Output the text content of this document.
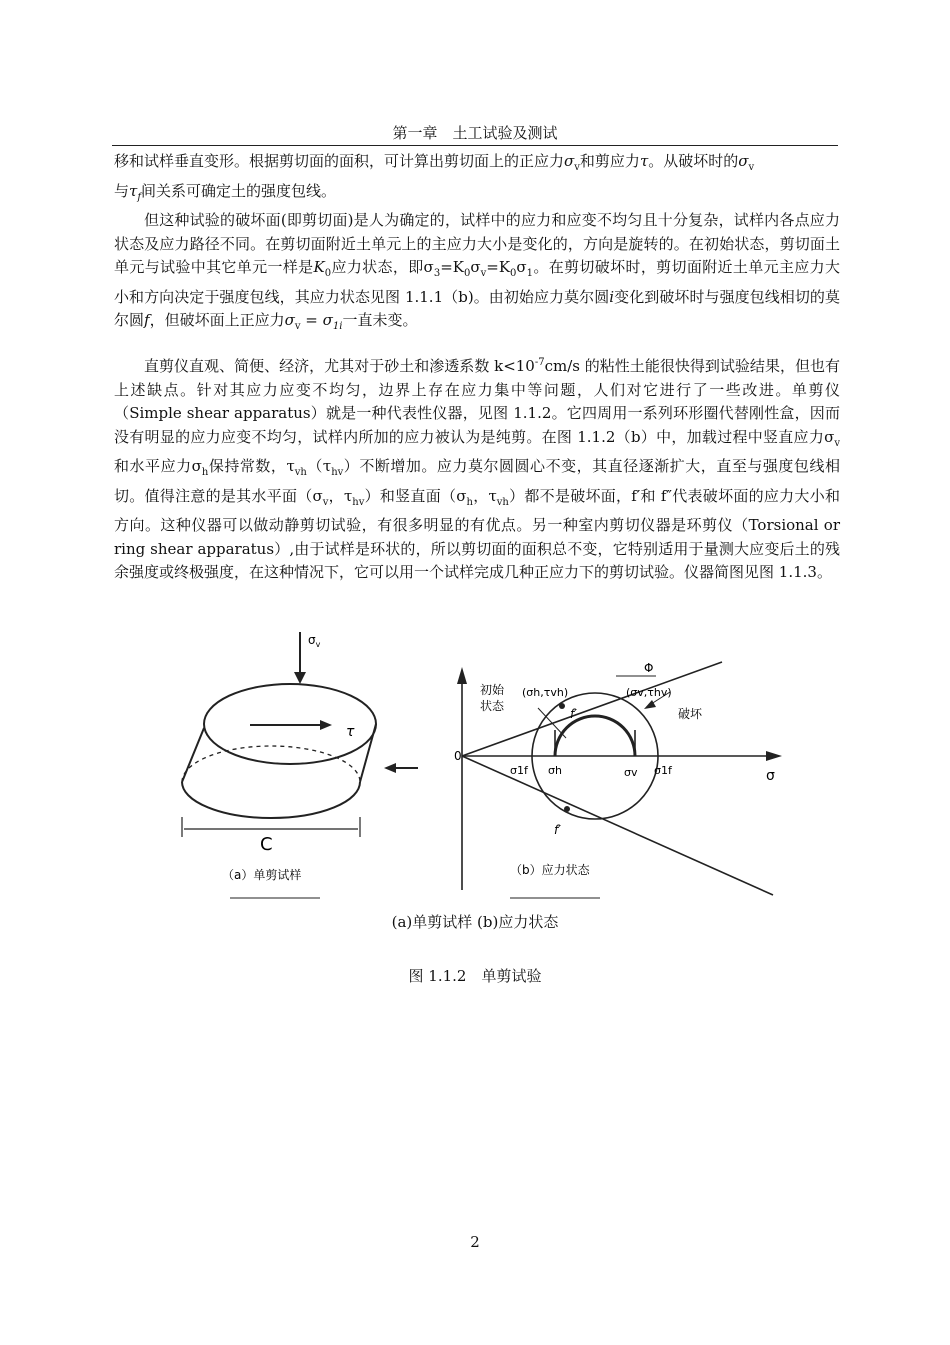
第一章　土工试验及测试

移和试样垂直变形。根据剪切面的面积，可计算出剪切面上的正应力$\sigma_v$和剪应力τ。从破坏时的$\sigma_v$
与$\tau_f$间关系可确定土的强度包线。

但这种试验的破坏面(即剪切面)是人为确定的，试样中的应力和应变不均匀且十分复杂，试样内各点应力状态及应力路径不同。在剪切面附近土单元上的主应力大小是变化的，方向是旋转的。在初始状态，剪切面土单元与试验中其它单元一样是$K_0$应力状态，即$\sigma_3=K_0\sigma_v=K_0\sigma_1$。在剪切破坏时，剪切面附近土单元主应力大小和方向决定于强度包线，其应力状态见图 1.1.1（b)。由初始应力莫尔圆i变化到破坏时与强度包线相切的莫尔圆f，但破坏面上正应力$\sigma_v = \sigma_{1i}$一直未变。

直剪仪直观、简便、经济，尤其对于砂土和渗透系数 $k<10^{-7}cm/s$ 的粘性土能很快得到试验结果，但也有上述缺点。针对其应力应变不均匀，边界上存在应力集中等问题，人们对它进行了一些改进。单剪仪（Simple shear apparatus）就是一种代表性仪器，见图 1.1.2。它四周用一系列环形圈代替刚性盒，因而没有明显的应力应变不均匀，试样内所加的应力被认为是纯剪。在图 1.1.2（b）中，加载过程中竖直应力$\sigma_v$和水平应力$\sigma_h$保持常数，$\tau_{vh}(\tau_{hv})$不断增加。应力莫尔圆圆心不变，其直径逐渐扩大，直至与强度包线相切。值得注意的是其水平面（$\sigma_v$，$\tau_{hv}$）和竖直面（$\sigma_h$，$\tau_{vh}$）都不是破坏面，f′和 f″代表破坏面的应力大小和方向。这种仪器可以做动静剪切试验，有很多明显的有优点。另一种室内剪切仪器是环剪仪（Torsional or ring shear apparatus）,由于试样是环状的，所以剪切面的面积总不变，它特别适用于量测大应变后土的残余强度或终极强度，在这种情况下，它可以用一个试样完成几种正应力下的剪切试验。仪器简图见图 1.1.3。

$\sigma_v$
τ
C
（a）单剪试样
初始
状态
(σh,τvh)	(σv,τhv)
Φ
破坏
0
σ1f σh	σv σ1f	σ
f′
f′
（b）应力状态
(a)单剪试样 (b)应力状态
图 1.1.2　单剪试验
2
